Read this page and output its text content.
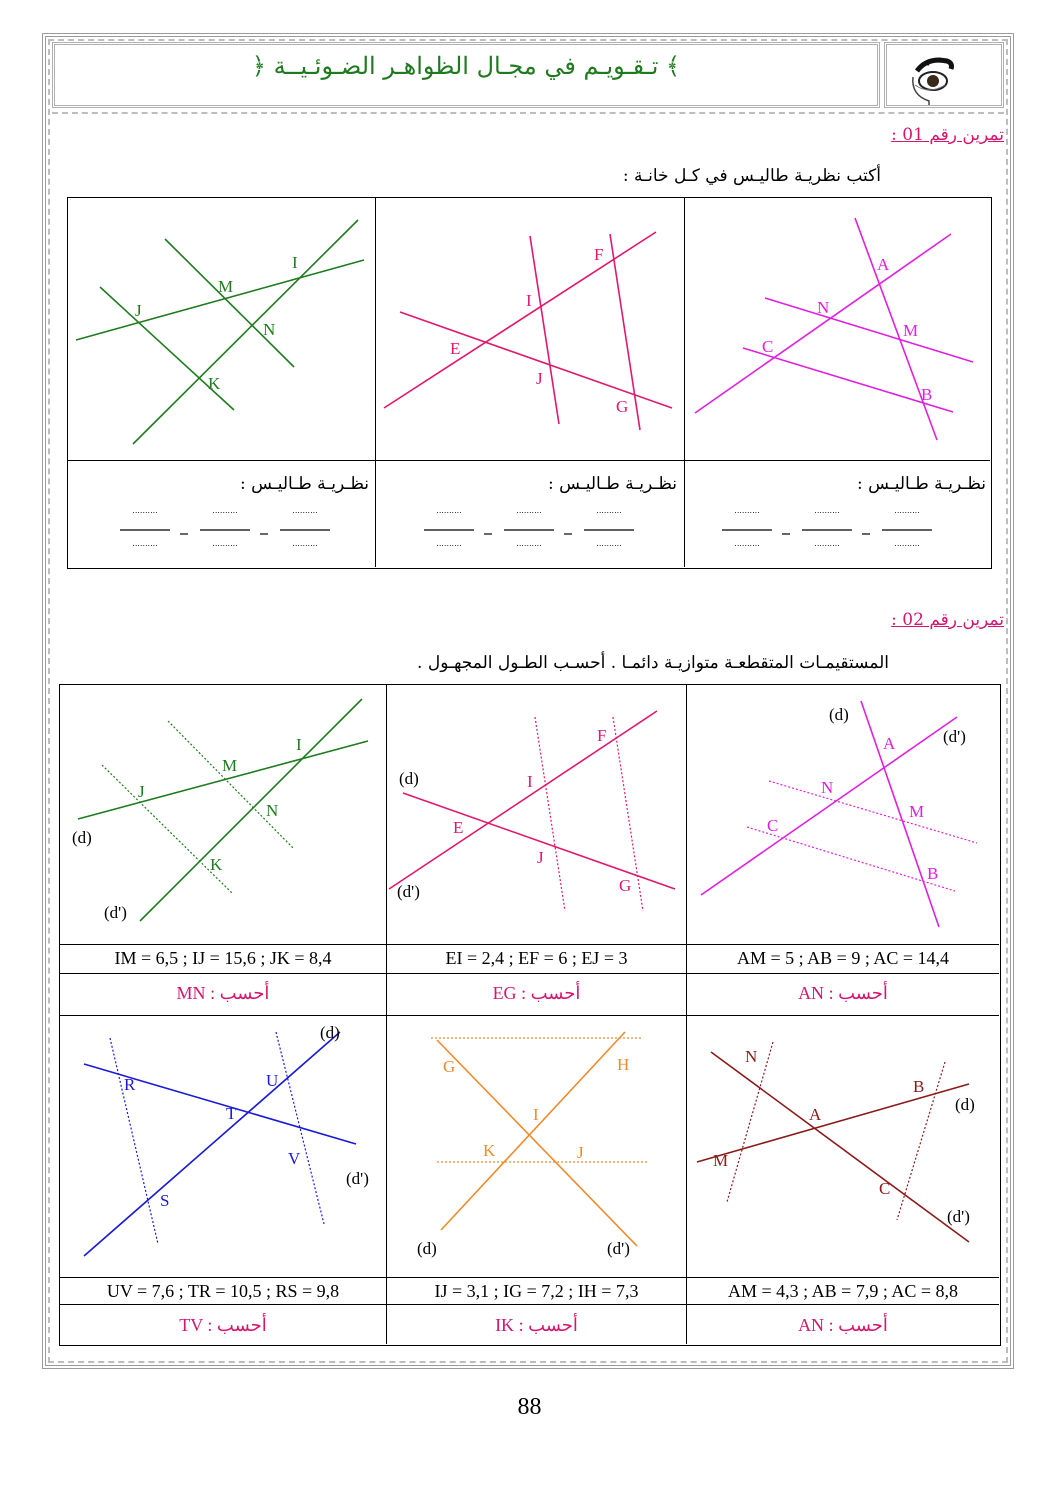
﴿ تـقـويـم في مجـال الظواهـر الضـوئـيــة ﴾
تمرين رقم 01 :
أكتب نظريـة طاليـس في كـل خانـة :
I
M
J
N
K
F
I
E
J
G
A
N
M
C
B
نظـريـة طـاليـس :	نظـريـة طـاليـس :	نظـريـة طـاليـس :
..........
..........
..........
..........
..........
..........
..........
..........
..........
..........
..........
..........
..........
..........
..........
..........
..........
..........
تمرين رقم 02 :
المستقيمـات المتقطعـة متوازيـة دائمـا . أحسـب الطـول المجهـول .
I
M
J
N
K
(d)
(d')
F
I
E
J
G
(d)
(d')
A
N
M
C
B
(d)
(d')
IM = 6,5 ; IJ = 15,6 ; JK = 8,4	EI = 2,4 ; EF = 6 ; EJ = 3	AM = 5 ; AB = 9 ; AC = 14,4
MN أحسب :	EG أحسب :	AN أحسب :
R	U
T
V
S
(d)
(d')
G	H
I
K	J
(d)	(d')
N
B
A
M
C
(d)
(d')
UV = 7,6 ; TR = 10,5 ; RS = 9,8	IJ = 3,1 ; IG = 7,2 ; IH = 7,3	AM = 4,3 ; AB = 7,9 ; AC = 8,8
TV أحسب :	IK أحسب :	AN أحسب :
88
